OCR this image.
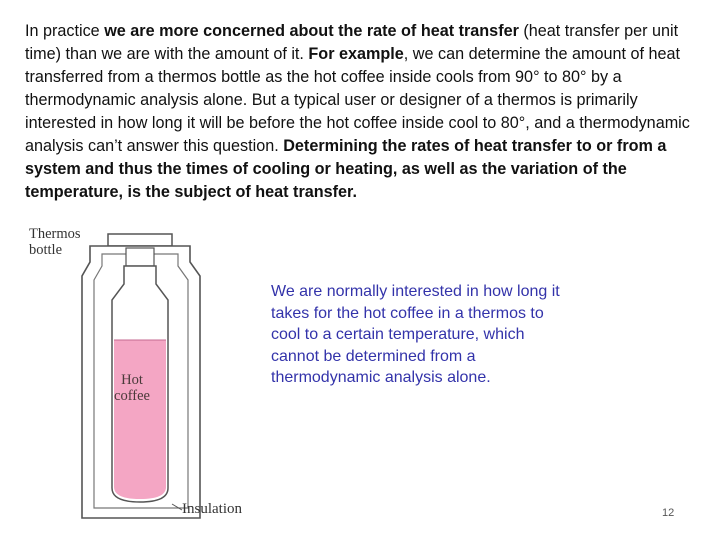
In practice we are more concerned about the rate of heat transfer (heat transfer per unit time) than we are with the amount of it. For example, we can determine the amount of heat transferred from a thermos bottle as the hot coffee inside cools from 90° to 80° by a thermodynamic analysis alone. But a typical user or designer of a thermos is primarily interested in how long it will be before the hot coffee inside cool to 80°, and a thermodynamic analysis can’t answer this question. Determining the rates of heat transfer to or from a system and thus the times of cooling or heating, as well as the variation of the temperature, is the subject of heat transfer.

Thermos bottle
Hot coffee
Insulation

We are normally interested in how long it takes for the hot coffee in a thermos to cool to a certain temperature, which cannot be determined from a thermodynamic analysis alone.

12
